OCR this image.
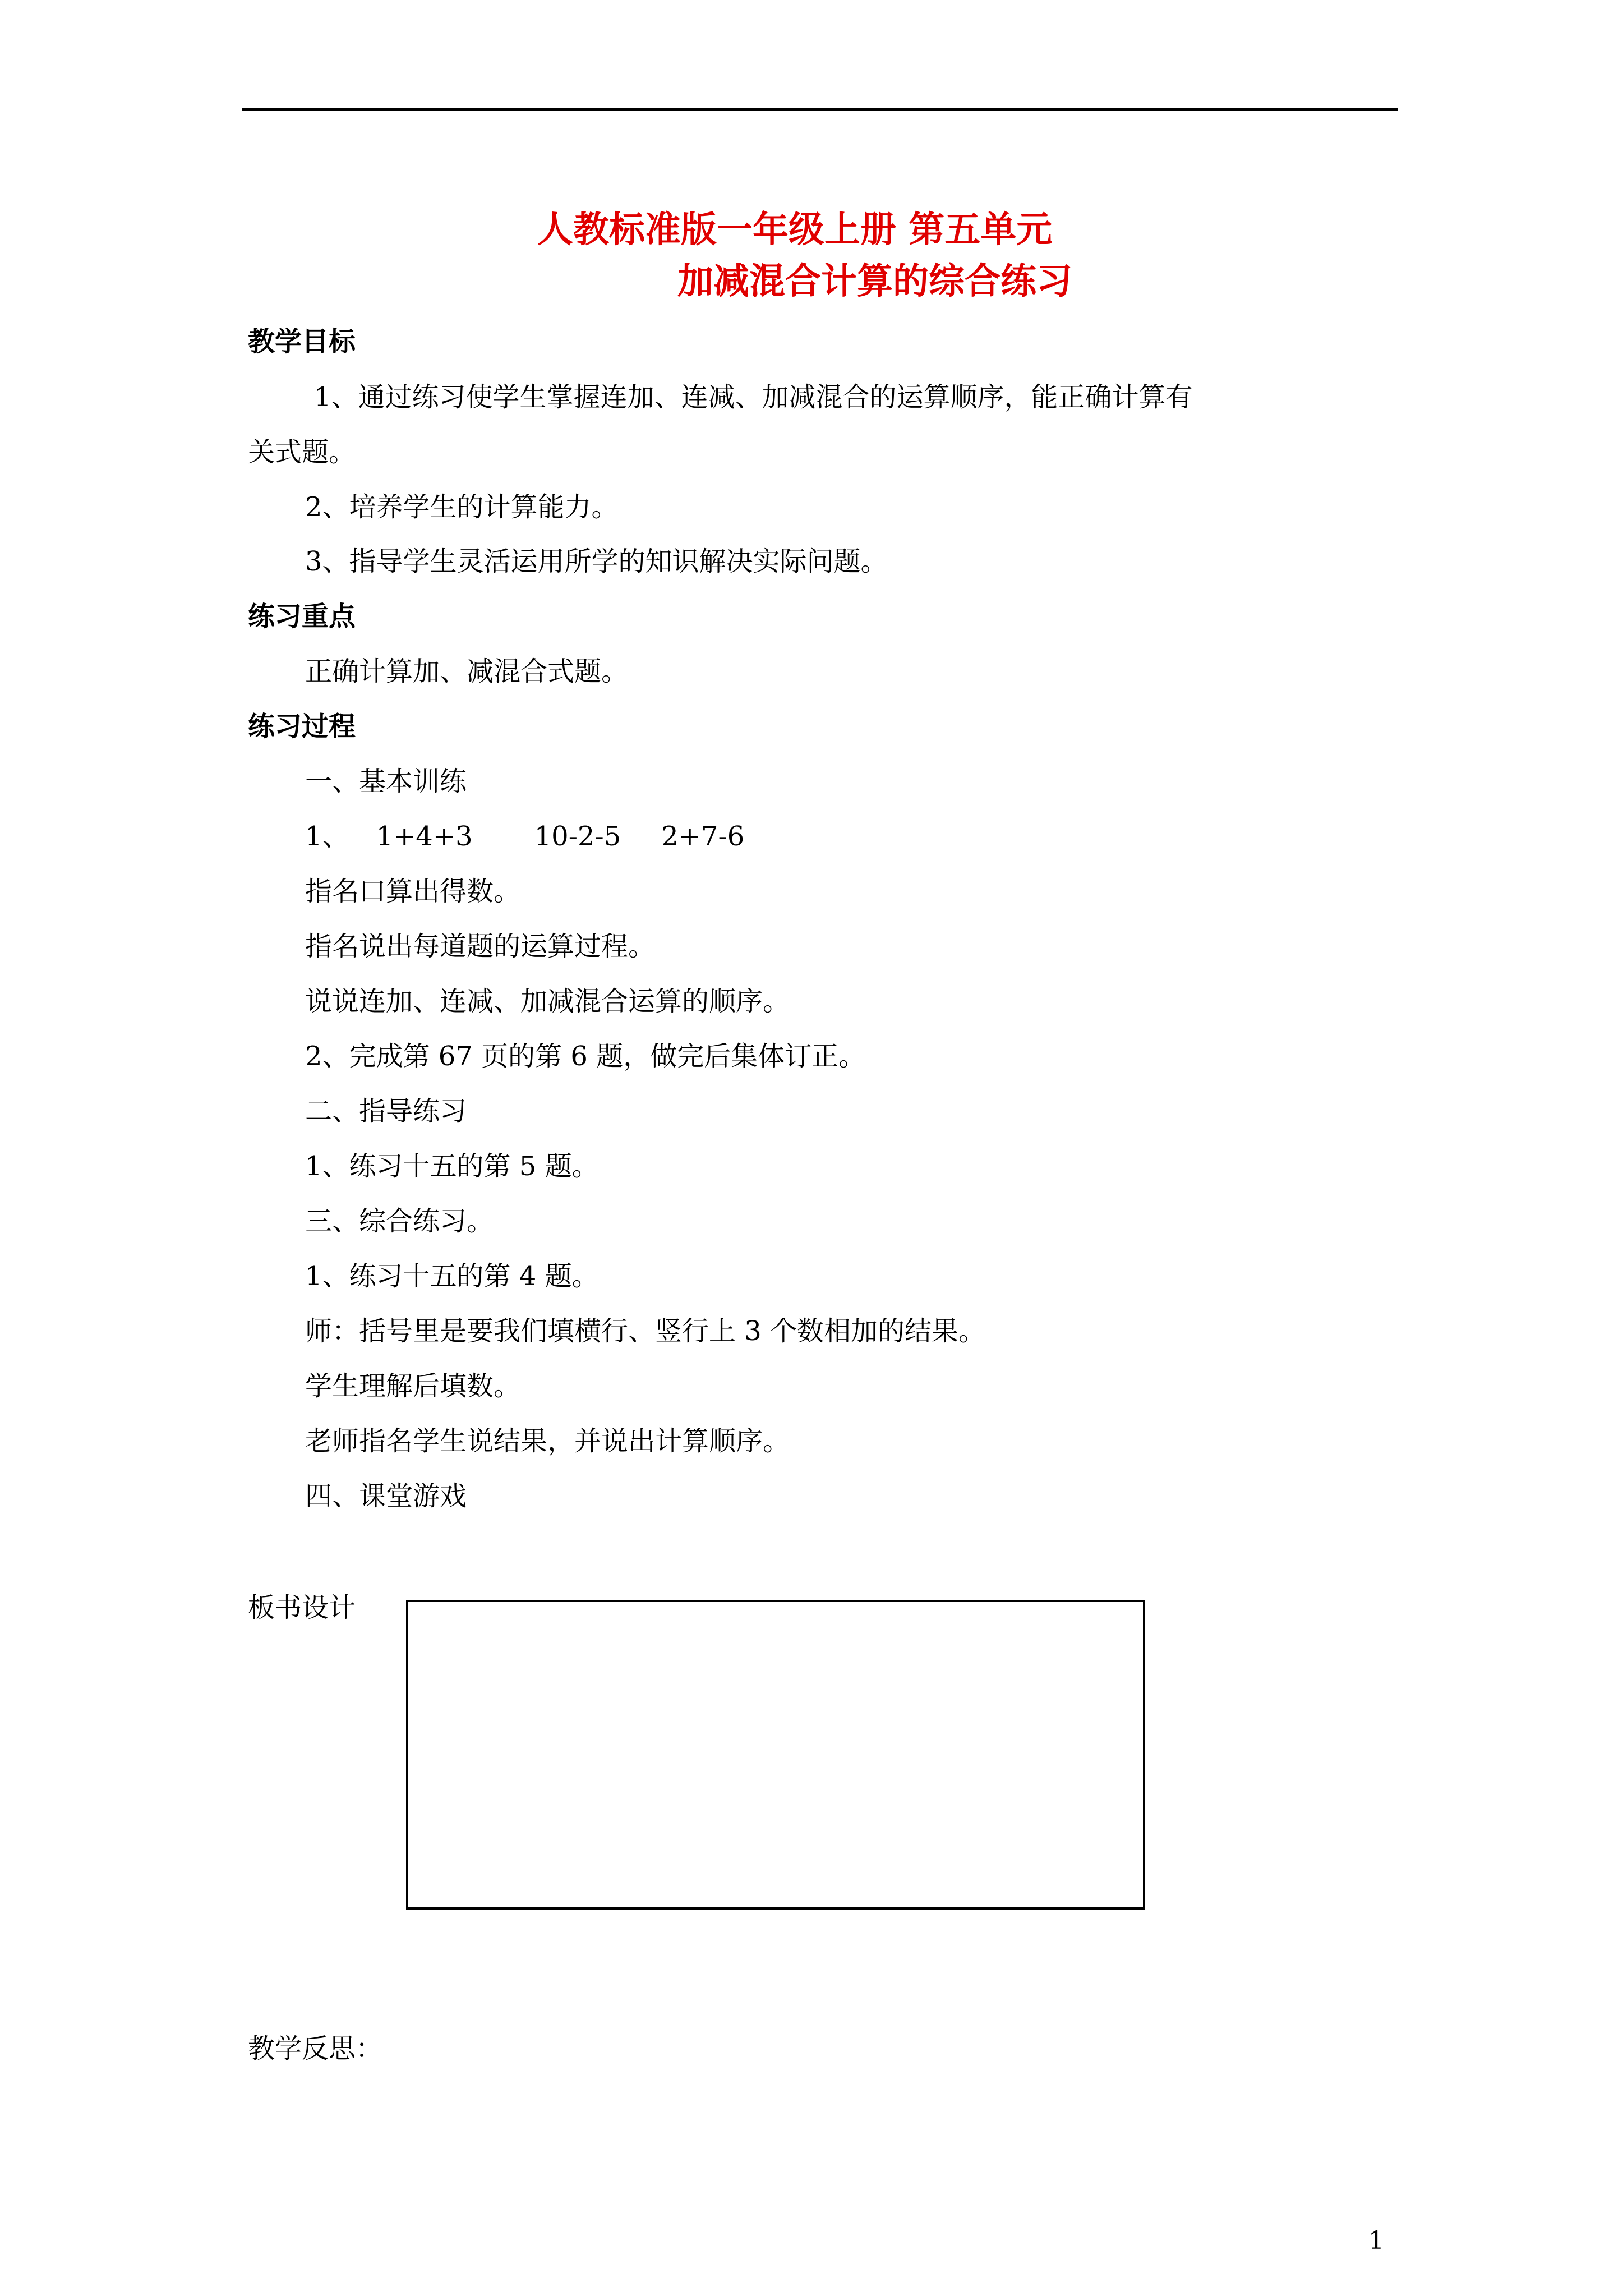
人教标准版一年级上册 第五单元
加减混合计算的综合练习
教学目标
1、通过练习使学生掌握连加、连减、加减混合的运算顺序，能正确计算有
关式题。
2、培养学生的计算能力。
3、指导学生灵活运用所学的知识解决实际问题。
练习重点
正确计算加、减混合式题。
练习过程
一、基本训练
1、 1+4+3 10-2-5 2+7-6
指名口算出得数。
指名说出每道题的运算过程。
说说连加、连减、加减混合运算的顺序。
2、完成第 67 页的第 6 题，做完后集体订正。
二、指导练习
1、练习十五的第 5 题。
三、综合练习。
1、练习十五的第 4 题。
师：括号里是要我们填横行、竖行上 3 个数相加的结果。
学生理解后填数。
老师指名学生说结果，并说出计算顺序。
四、课堂游戏
板书设计
教学反思：
1
